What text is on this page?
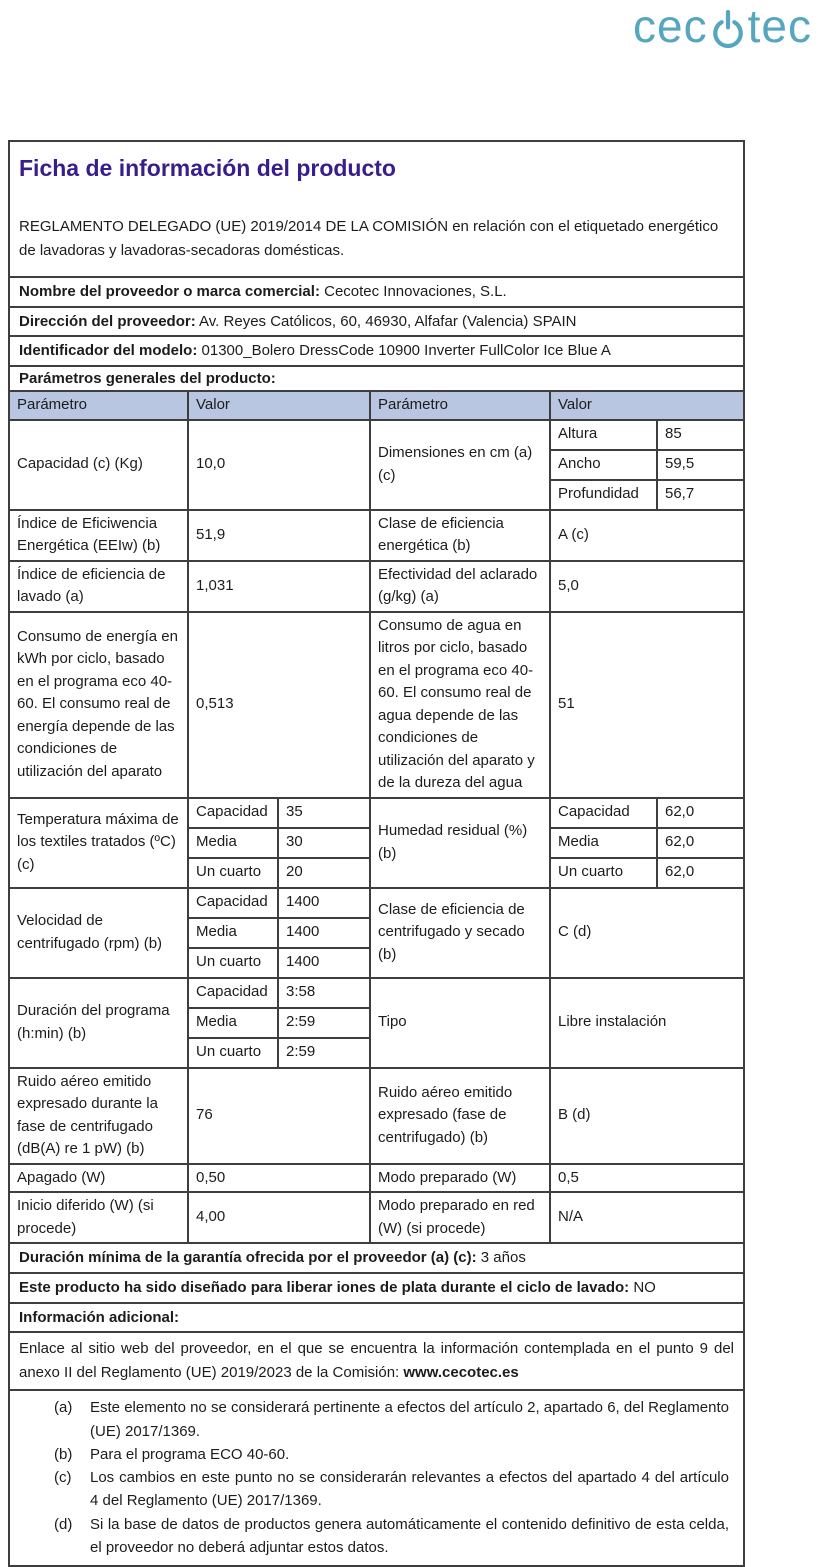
cec tec
Ficha de información del producto
REGLAMENTO DELEGADO (UE) 2019/2014 DE LA COMISIÓN en relación con el etiquetado energético de lavadoras y lavadoras-secadoras domésticas.
Nombre del proveedor o marca comercial: Cecotec Innovaciones, S.L.
Dirección del proveedor: Av. Reyes Católicos, 60, 46930, Alfafar (Valencia) SPAIN
Identificador del modelo: 01300_Bolero DressCode 10900 Inverter FullColor Ice Blue A
Parámetros generales del producto:
Parámetro	Valor		Parámetro	Valor	
Capacidad (c) (Kg)	10,0		Dimensiones en cm (a) (c)	Altura	85
				Ancho	59,5
				Profundidad	56,7
Índice de Eficiwencia Energética (EEIw) (b)	51,9		Clase de eficiencia energética (b)	A (c)	
Índice de eficiencia de lavado (a)	1,031		Efectividad del aclarado (g/kg) (a)	5,0	
Consumo de energía en kWh por ciclo, basado en el programa eco 40-60. El consumo real de energía depende de las condiciones de utilización del aparato	0,513		Consumo de agua en litros por ciclo, basado en el programa eco 40-60. El consumo real de agua depende de las condiciones de utilización del aparato y de la dureza del agua	51	
Temperatura máxima de los textiles tratados (ºC) (c)	Capacidad	35	Humedad residual (%) (b)	Capacidad	62,0
	Media	30		Media	62,0
	Un cuarto	20		Un cuarto	62,0
Velocidad de centrifugado (rpm) (b)	Capacidad	1400	Clase de eficiencia de centrifugado y secado (b)	C (d)	
	Media	1400			
	Un cuarto	1400			
Duración del programa (h:min) (b)	Capacidad	3:58	Tipo	Libre instalación	
	Media	2:59			
	Un cuarto	2:59			
Ruido aéreo emitido expresado durante la fase de centrifugado (dB(A) re 1 pW) (b)	76		Ruido aéreo emitido expresado (fase de centrifugado) (b)	B (d)	
Apagado (W)	0,50		Modo preparado (W)	0,5	
Inicio diferido (W) (si procede)	4,00		Modo preparado en red (W) (si procede)	N/A	
Duración mínima de la garantía ofrecida por el proveedor (a) (c): 3 años
Este producto ha sido diseñado para liberar iones de plata durante el ciclo de lavado: NO
Información adicional:
Enlace al sitio web del proveedor, en el que se encuentra la información contemplada en el punto 9 del anexo II del Reglamento (UE) 2019/2023 de la Comisión: www.cecotec.es
(a)	Este elemento no se considerará pertinente a efectos del artículo 2, apartado 6, del Reglamento (UE) 2017/1369.
(b)	Para el programa ECO 40-60.
(c)	Los cambios en este punto no se considerarán relevantes a efectos del apartado 4 del artículo 4 del Reglamento (UE) 2017/1369.
(d)	Si la base de datos de productos genera automáticamente el contenido definitivo de esta celda, el proveedor no deberá adjuntar estos datos.
